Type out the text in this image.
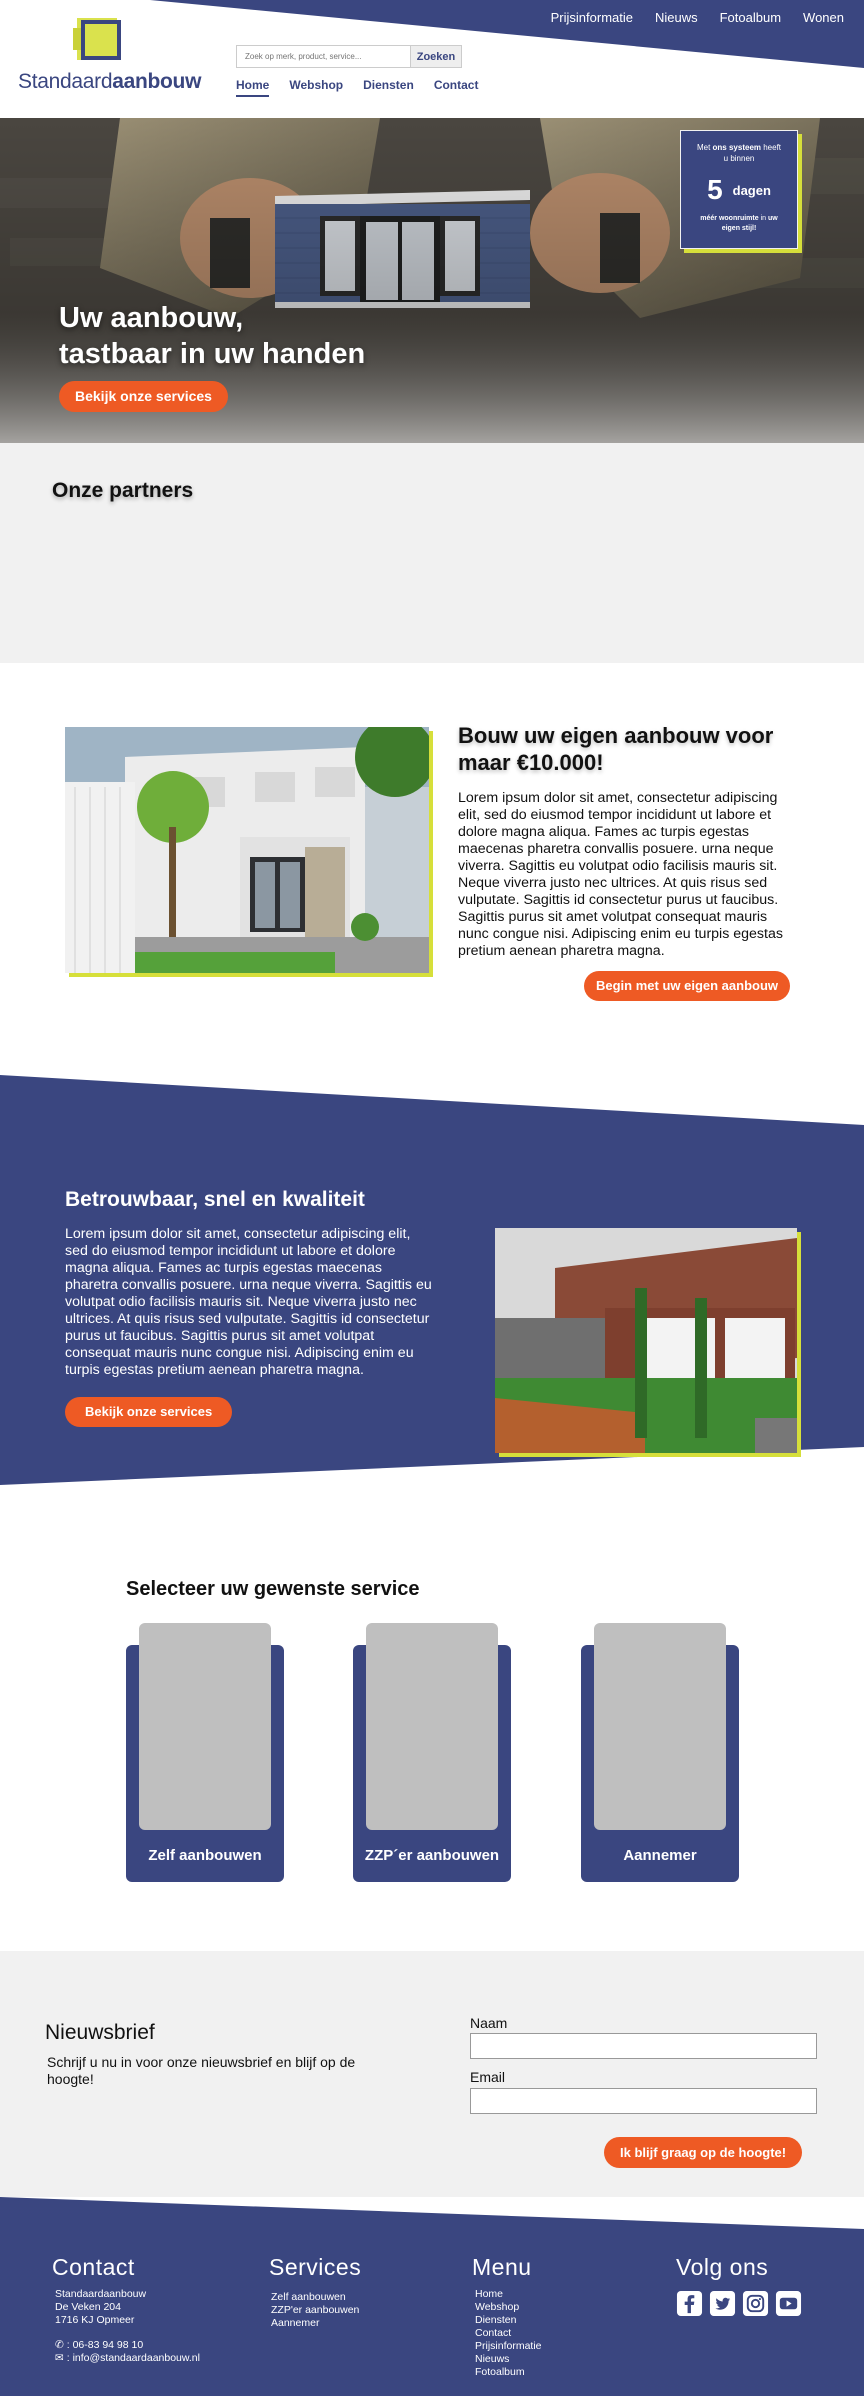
Prijsinformatie Nieuws Fotoalbum Wonen
Standaardaanbouw
Zoek op merk, product, service...
Zoeken
Home Webshop Diensten Contact
Uw aanbouw,
tastbaar in uw handen
Bekijk onze services
Met ons systeem heeft u binnen
5 dagen
méér woonruimte in uw eigen stijl!
Onze partners
Bouw uw eigen aanbouw voor maar €10.000!

Lorem ipsum dolor sit amet, consectetur adipiscing elit, sed do eiusmod tempor incididunt ut labore et dolore magna aliqua. Fames ac turpis egestas maecenas pharetra convallis posuere. urna neque viverra. Sagittis eu volutpat odio facilisis mauris sit. Neque viverra justo nec ultrices. At quis risus sed vulputate. Sagittis id consectetur purus ut faucibus. Sagittis purus sit amet volutpat consequat mauris nunc congue nisi. Adipiscing enim eu turpis egestas pretium aenean pharetra magna.

Begin met uw eigen aanbouw
Betrouwbaar, snel en kwaliteit

Lorem ipsum dolor sit amet, consectetur adipiscing elit, sed do eiusmod tempor incididunt ut labore et dolore magna aliqua. Fames ac turpis egestas maecenas pharetra convallis posuere. urna neque viverra. Sagittis eu volutpat odio facilisis mauris sit. Neque viverra justo nec ultrices. At quis risus sed vulputate. Sagittis id consectetur purus ut faucibus. Sagittis purus sit amet volutpat consequat mauris nunc congue nisi. Adipiscing enim eu turpis egestas pretium aenean pharetra magna.

Bekijk onze services
Selecteer uw gewenste service
Zelf aanbouwen	ZZP´er aanbouwen	Aannemer
Nieuwsbrief

Schrijf u nu in voor onze nieuwsbrief en blijf op de hoogte!

Naam
Email
Ik blijf graag op de hoogte!
Contact
Standaardaanbouw
De Veken 204
1716 KJ Opmeer
✆ : 06-83 94 98 10
✉ : info@standaardaanbouw.nl
Services
Zelf aanbouwen
ZZP'er aanbouwen
Aannemer
Menu
Home
Webshop
Diensten
Contact
Prijsinformatie
Nieuws
Fotoalbum
Volg ons
